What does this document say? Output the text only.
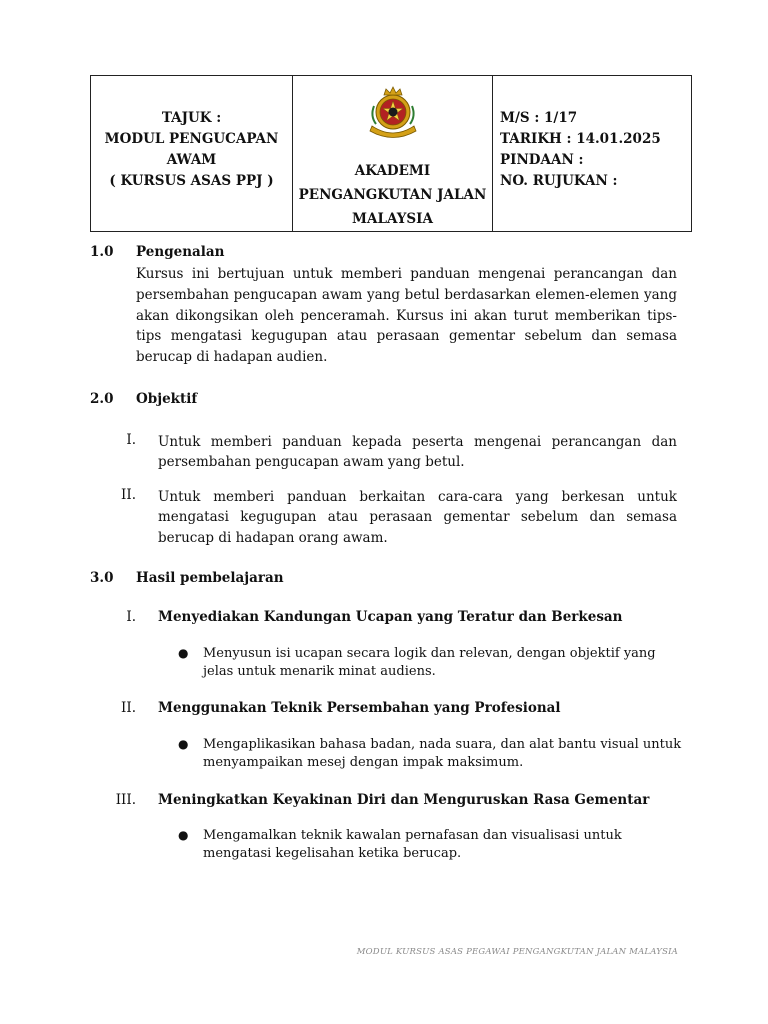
TAJUK :
MODUL PENGUCAPAN
AWAM
( KURSUS ASAS PPJ )

AKADEMI
PENGANGKUTAN JALAN
MALAYSIA

M/S : 1/17
TARIKH : 14.01.2025
PINDAAN :
NO. RUJUKAN :
1.0 Pengenalan
Kursus ini bertujuan untuk memberi panduan mengenai perancangan dan persembahan pengucapan awam yang betul berdasarkan elemen-elemen yang akan dikongsikan oleh penceramah. Kursus ini akan turut memberikan tips-tips mengatasi kegugupan atau perasaan gementar sebelum dan semasa berucap di hadapan audien.
2.0 Objektif
I. Untuk memberi panduan kepada peserta mengenai perancangan dan persembahan pengucapan awam yang betul.
II. Untuk memberi panduan berkaitan cara-cara yang berkesan untuk mengatasi kegugupan atau perasaan gementar sebelum dan semasa berucap di hadapan orang awam.
3.0 Hasil pembelajaran
I. Menyediakan Kandungan Ucapan yang Teratur dan Berkesan
● Menyusun isi ucapan secara logik dan relevan, dengan objektif yang jelas untuk menarik minat audiens.
II. Menggunakan Teknik Persembahan yang Profesional
● Mengaplikasikan bahasa badan, nada suara, dan alat bantu visual untuk menyampaikan mesej dengan impak maksimum.
III. Meningkatkan Keyakinan Diri dan Menguruskan Rasa Gementar
● Mengamalkan teknik kawalan pernafasan dan visualisasi untuk mengatasi kegelisahan ketika berucap.
MODUL KURSUS ASAS PEGAWAI PENGANGKUTAN JALAN MALAYSIA
